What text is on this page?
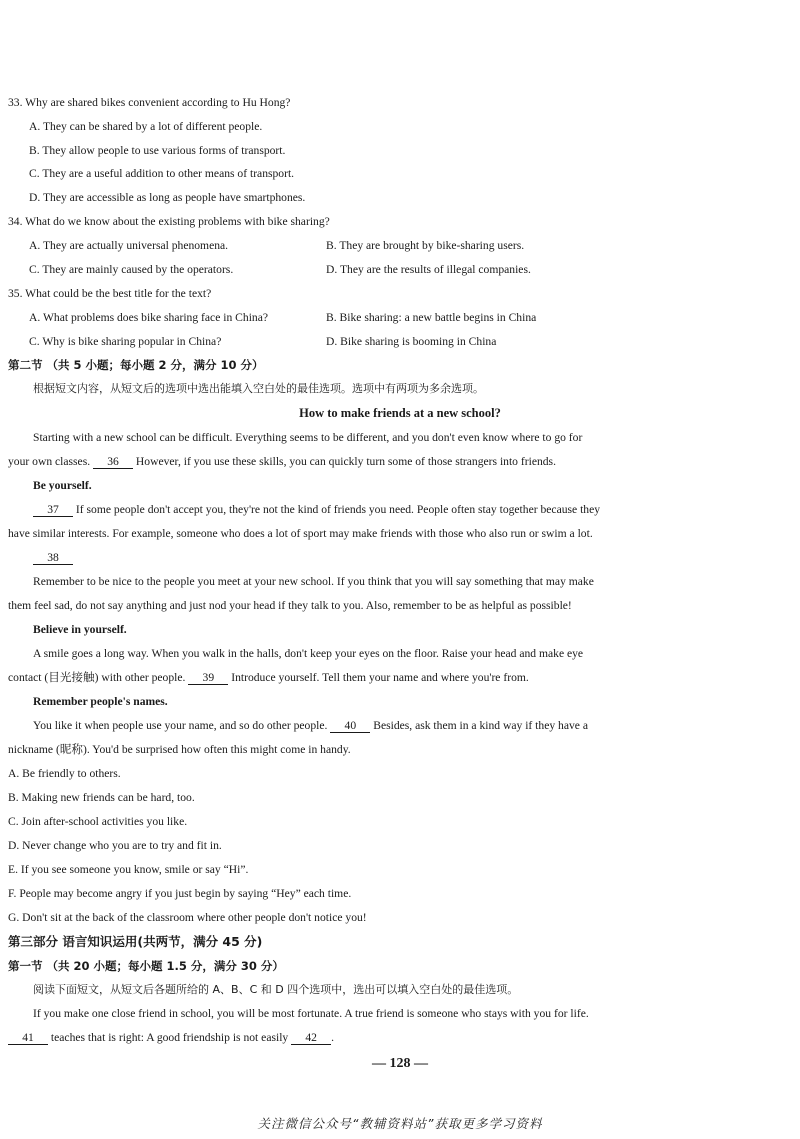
33. Why are shared bikes convenient according to Hu Hong?
A. They can be shared by a lot of different people.
B. They allow people to use various forms of transport.
C. They are a useful addition to other means of transport.
D. They are accessible as long as people have smartphones.
34. What do we know about the existing problems with bike sharing?
A. They are actually universal phenomena.	B. They are brought by bike-sharing users.
C. They are mainly caused by the operators.	D. They are the results of illegal companies.
35. What could be the best title for the text?
A. What problems does bike sharing face in China?	B. Bike sharing: a new battle begins in China
C. Why is bike sharing popular in China?	D. Bike sharing is booming in China
第二节 （共 5 小题；每小题 2 分，满分 10 分）
根据短文内容，从短文后的选项中选出能填入空白处的最佳选项。选项中有两项为多余选项。
How to make friends at a new school?
Starting with a new school can be difficult. Everything seems to be different, and you don't even know where to go for
your own classes. 36 However, if you use these skills, you can quickly turn some of those strangers into friends.
Be yourself.
37 If some people don't accept you, they're not the kind of friends you need. People often stay together because they
have similar interests. For example, someone who does a lot of sport may make friends with those who also run or swim a lot.
38
Remember to be nice to the people you meet at your new school. If you think that you will say something that may make
them feel sad, do not say anything and just nod your head if they talk to you. Also, remember to be as helpful as possible!
Believe in yourself.
A smile goes a long way. When you walk in the halls, don't keep your eyes on the floor. Raise your head and make eye
contact (目光接触) with other people. 39 Introduce yourself. Tell them your name and where you're from.
Remember people's names.
You like it when people use your name, and so do other people. 40 Besides, ask them in a kind way if they have a
nickname (昵称). You'd be surprised how often this might come in handy.
A. Be friendly to others.
B. Making new friends can be hard, too.
C. Join after-school activities you like.
D. Never change who you are to try and fit in.
E. If you see someone you know, smile or say “Hi”.
F. People may become angry if you just begin by saying “Hey” each time.
G. Don't sit at the back of the classroom where other people don't notice you!
第三部分 语言知识运用(共两节，满分 45 分)
第一节 （共 20 小题；每小题 1.5 分，满分 30 分）
阅读下面短文，从短文后各题所给的 A、B、C 和 D 四个选项中，选出可以填入空白处的最佳选项。
If you make one close friend in school, you will be most fortunate. A true friend is someone who stays with you for life.
41 teaches that is right: A good friendship is not easily 42 .
— 128 —
关注微信公众号“教辅资料站”获取更多学习资料
